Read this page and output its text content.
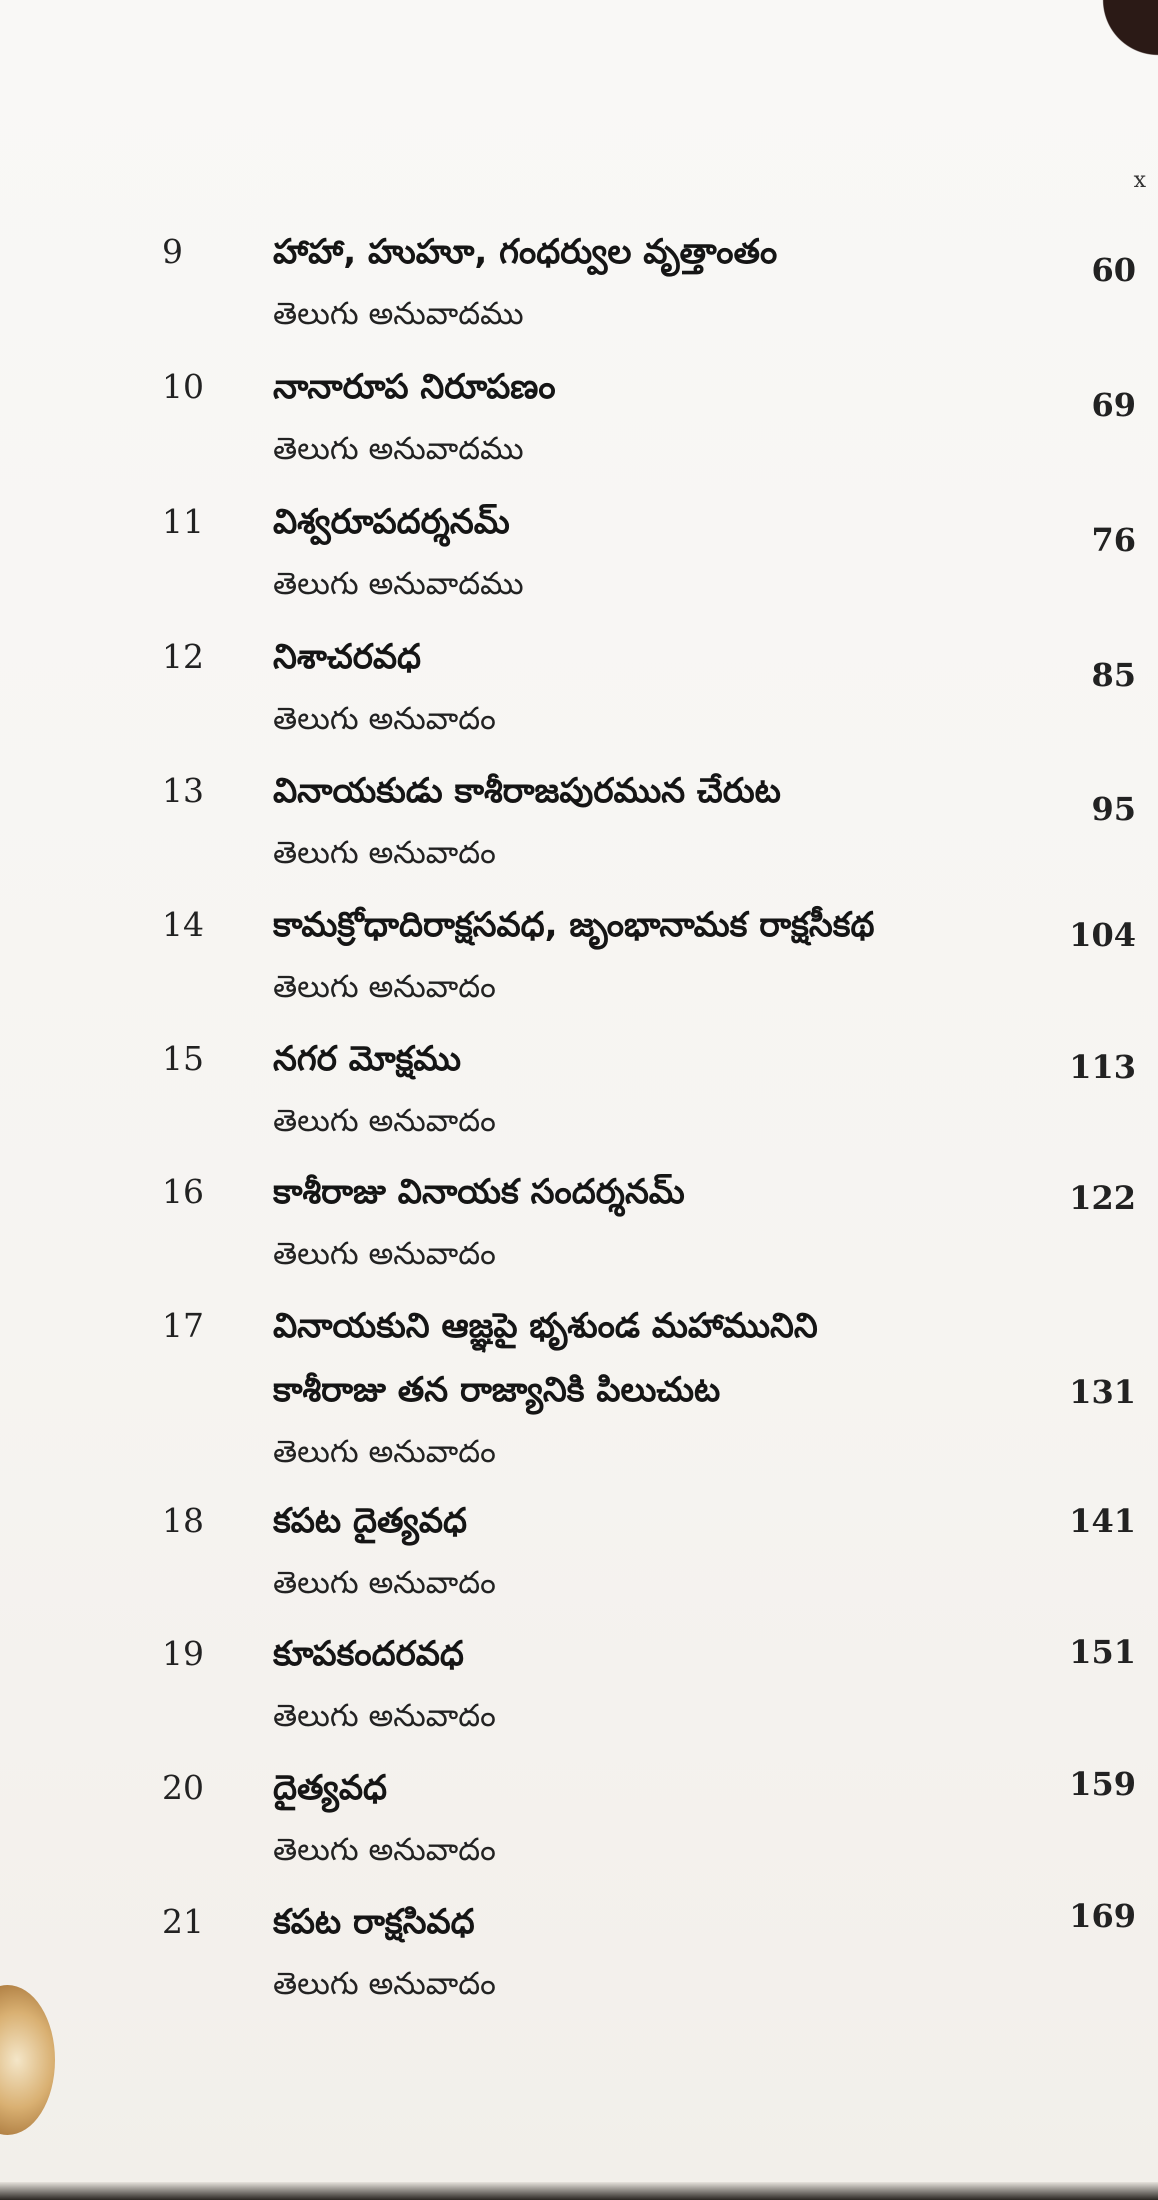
x
9	హాహా, హుహూ, గంధర్వుల వృత్తాంతం
తెలుగు అనువాదము
60
10 నానారూప నిరూపణం
తెలుగు అనువాదము
69
11 విశ్వరూపదర్శనమ్
తెలుగు అనువాదము
76
12 నిశాచరవధ
తెలుగు అనువాదం
85
13 వినాయకుడు కాశీరాజపురమున చేరుట
తెలుగు అనువాదం
95
14 కామక్రోధాదిరాక్షసవధ, జృంభానామక రాక్షసీకథ
తెలుగు అనువాదం
104
15 నగర మోక్షము
తెలుగు అనువాదం
113
16 కాశీరాజు వినాయక సందర్శనమ్
తెలుగు అనువాదం
122
17 వినాయకుని ఆజ్ఞపై భృశుండ మహామునిని
కాశీరాజు తన రాజ్యానికి పిలుచుట
తెలుగు అనువాదం
131
18 కపట దైత్యవధ
తెలుగు అనువాదం
141
19 కూపకందరవధ
తెలుగు అనువాదం
151
20 దైత్యవధ
తెలుగు అనువాదం
159
21 కపట రాక్షసివధ
తెలుగు అనువాదం
169
